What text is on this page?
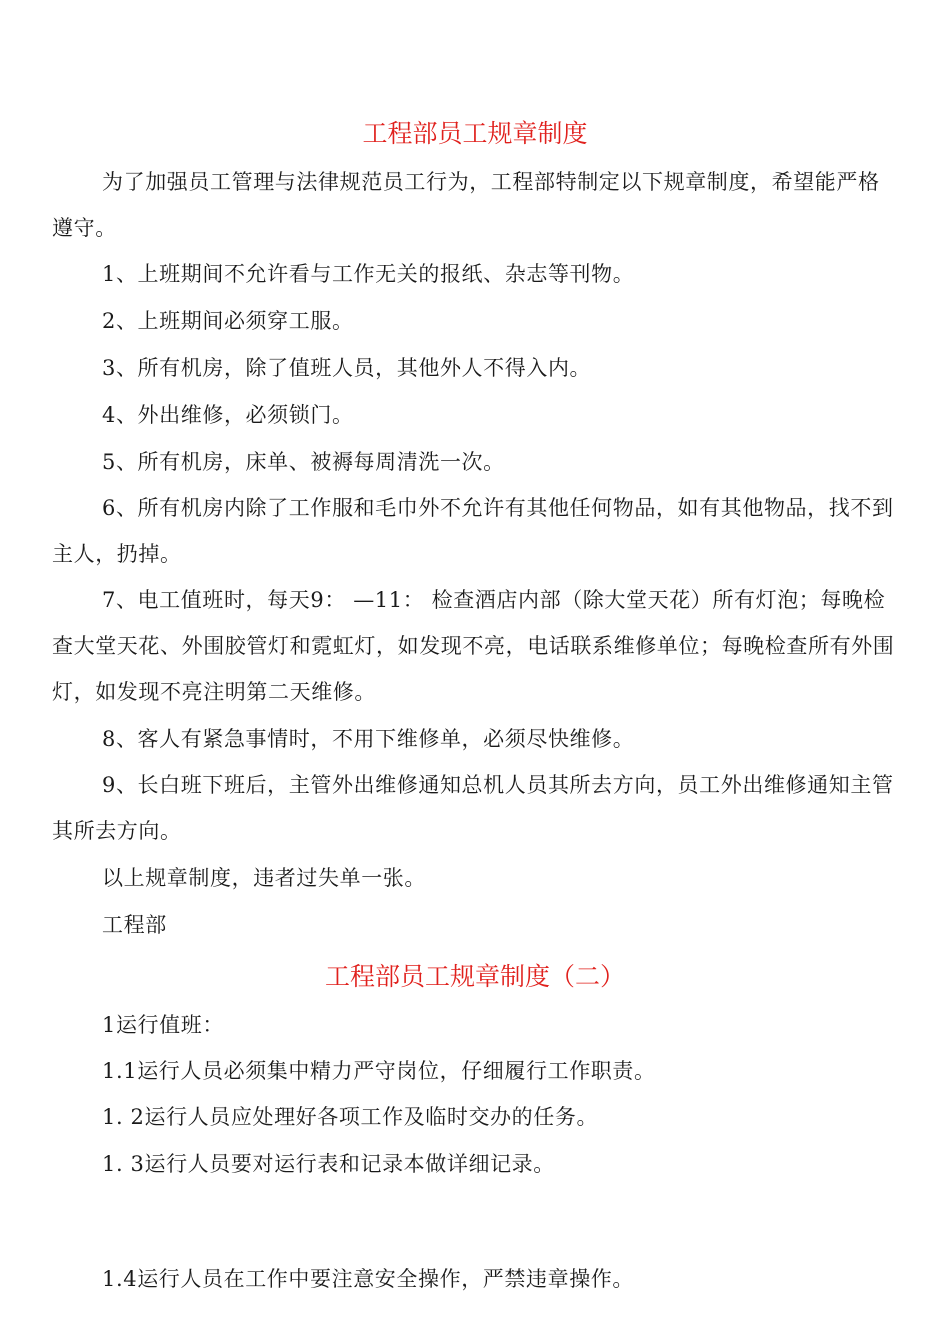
工程部员工规章制度
为了加强员工管理与法律规范员工行为，工程部特制定以下规章制度，希望能严格遵守。
1、上班期间不允许看与工作无关的报纸、杂志等刊物。
2、上班期间必须穿工服。
3、所有机房，除了值班人员，其他外人不得入内。
4、外出维修，必须锁门。
5、所有机房，床单、被褥每周清洗一次。
6、所有机房内除了工作服和毛巾外不允许有其他任何物品，如有其他物品，找不到主人，扔掉。
7、电工值班时，每天9： —11： 检查酒店内部（除大堂天花）所有灯泡；每晚检查大堂天花、外围胶管灯和霓虹灯，如发现不亮，电话联系维修单位；每晚检查所有外围灯，如发现不亮注明第二天维修。
8、客人有紧急事情时，不用下维修单，必须尽快维修。
9、长白班下班后，主管外出维修通知总机人员其所去方向，员工外出维修通知主管其所去方向。
以上规章制度，违者过失单一张。
工程部
工程部员工规章制度（二）
1运行值班：
1.1运行人员必须集中精力严守岗位，仔细履行工作职责。
1. 2运行人员应处理好各项工作及临时交办的任务。
1. 3运行人员要对运行表和记录本做详细记录。
1.4运行人员在工作中要注意安全操作，严禁违章操作。
